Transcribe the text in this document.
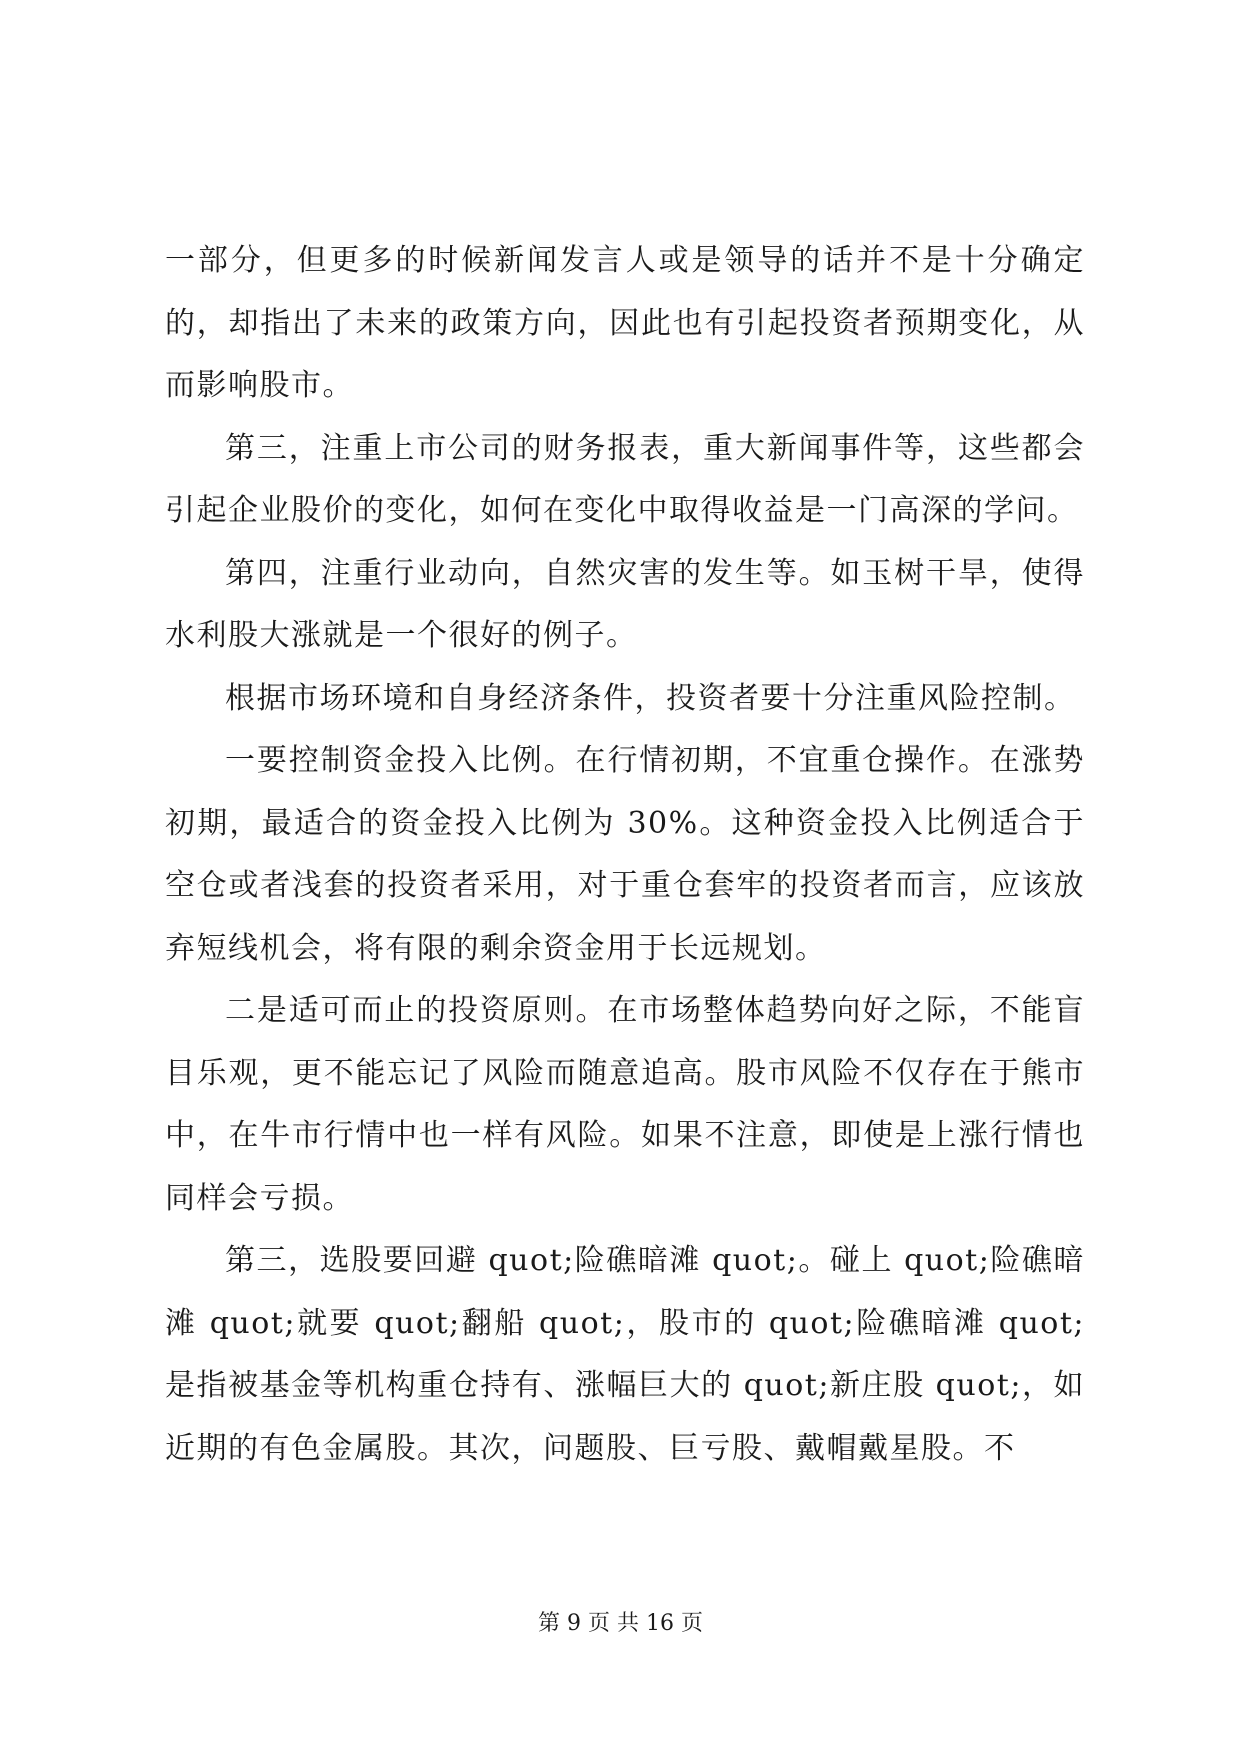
一部分，但更多的时候新闻发言人或是领导的话并不是十分确定的，却指出了未来的政策方向，因此也有引起投资者预期变化，从而影响股市。

第三，注重上市公司的财务报表，重大新闻事件等，这些都会引起企业股价的变化，如何在变化中取得收益是一门高深的学问。

第四，注重行业动向，自然灾害的发生等。如玉树干旱，使得水利股大涨就是一个很好的例子。

根据市场环境和自身经济条件，投资者要十分注重风险控制。

一要控制资金投入比例。在行情初期，不宜重仓操作。在涨势初期，最适合的资金投入比例为 30%。这种资金投入比例适合于空仓或者浅套的投资者采用，对于重仓套牢的投资者而言，应该放弃短线机会，将有限的剩余资金用于长远规划。

二是适可而止的投资原则。在市场整体趋势向好之际，不能盲目乐观，更不能忘记了风险而随意追高。股市风险不仅存在于熊市中，在牛市行情中也一样有风险。如果不注意，即使是上涨行情也同样会亏损。

第三，选股要回避 quot;险礁暗滩 quot;。碰上 quot;险礁暗滩 quot;就要 quot;翻船 quot;，股市的 quot;险礁暗滩 quot;是指被基金等机构重仓持有、涨幅巨大的 quot;新庄股 quot;，如近期的有色金属股。其次，问题股、巨亏股、戴帽戴星股。不

第 9 页 共 16 页
